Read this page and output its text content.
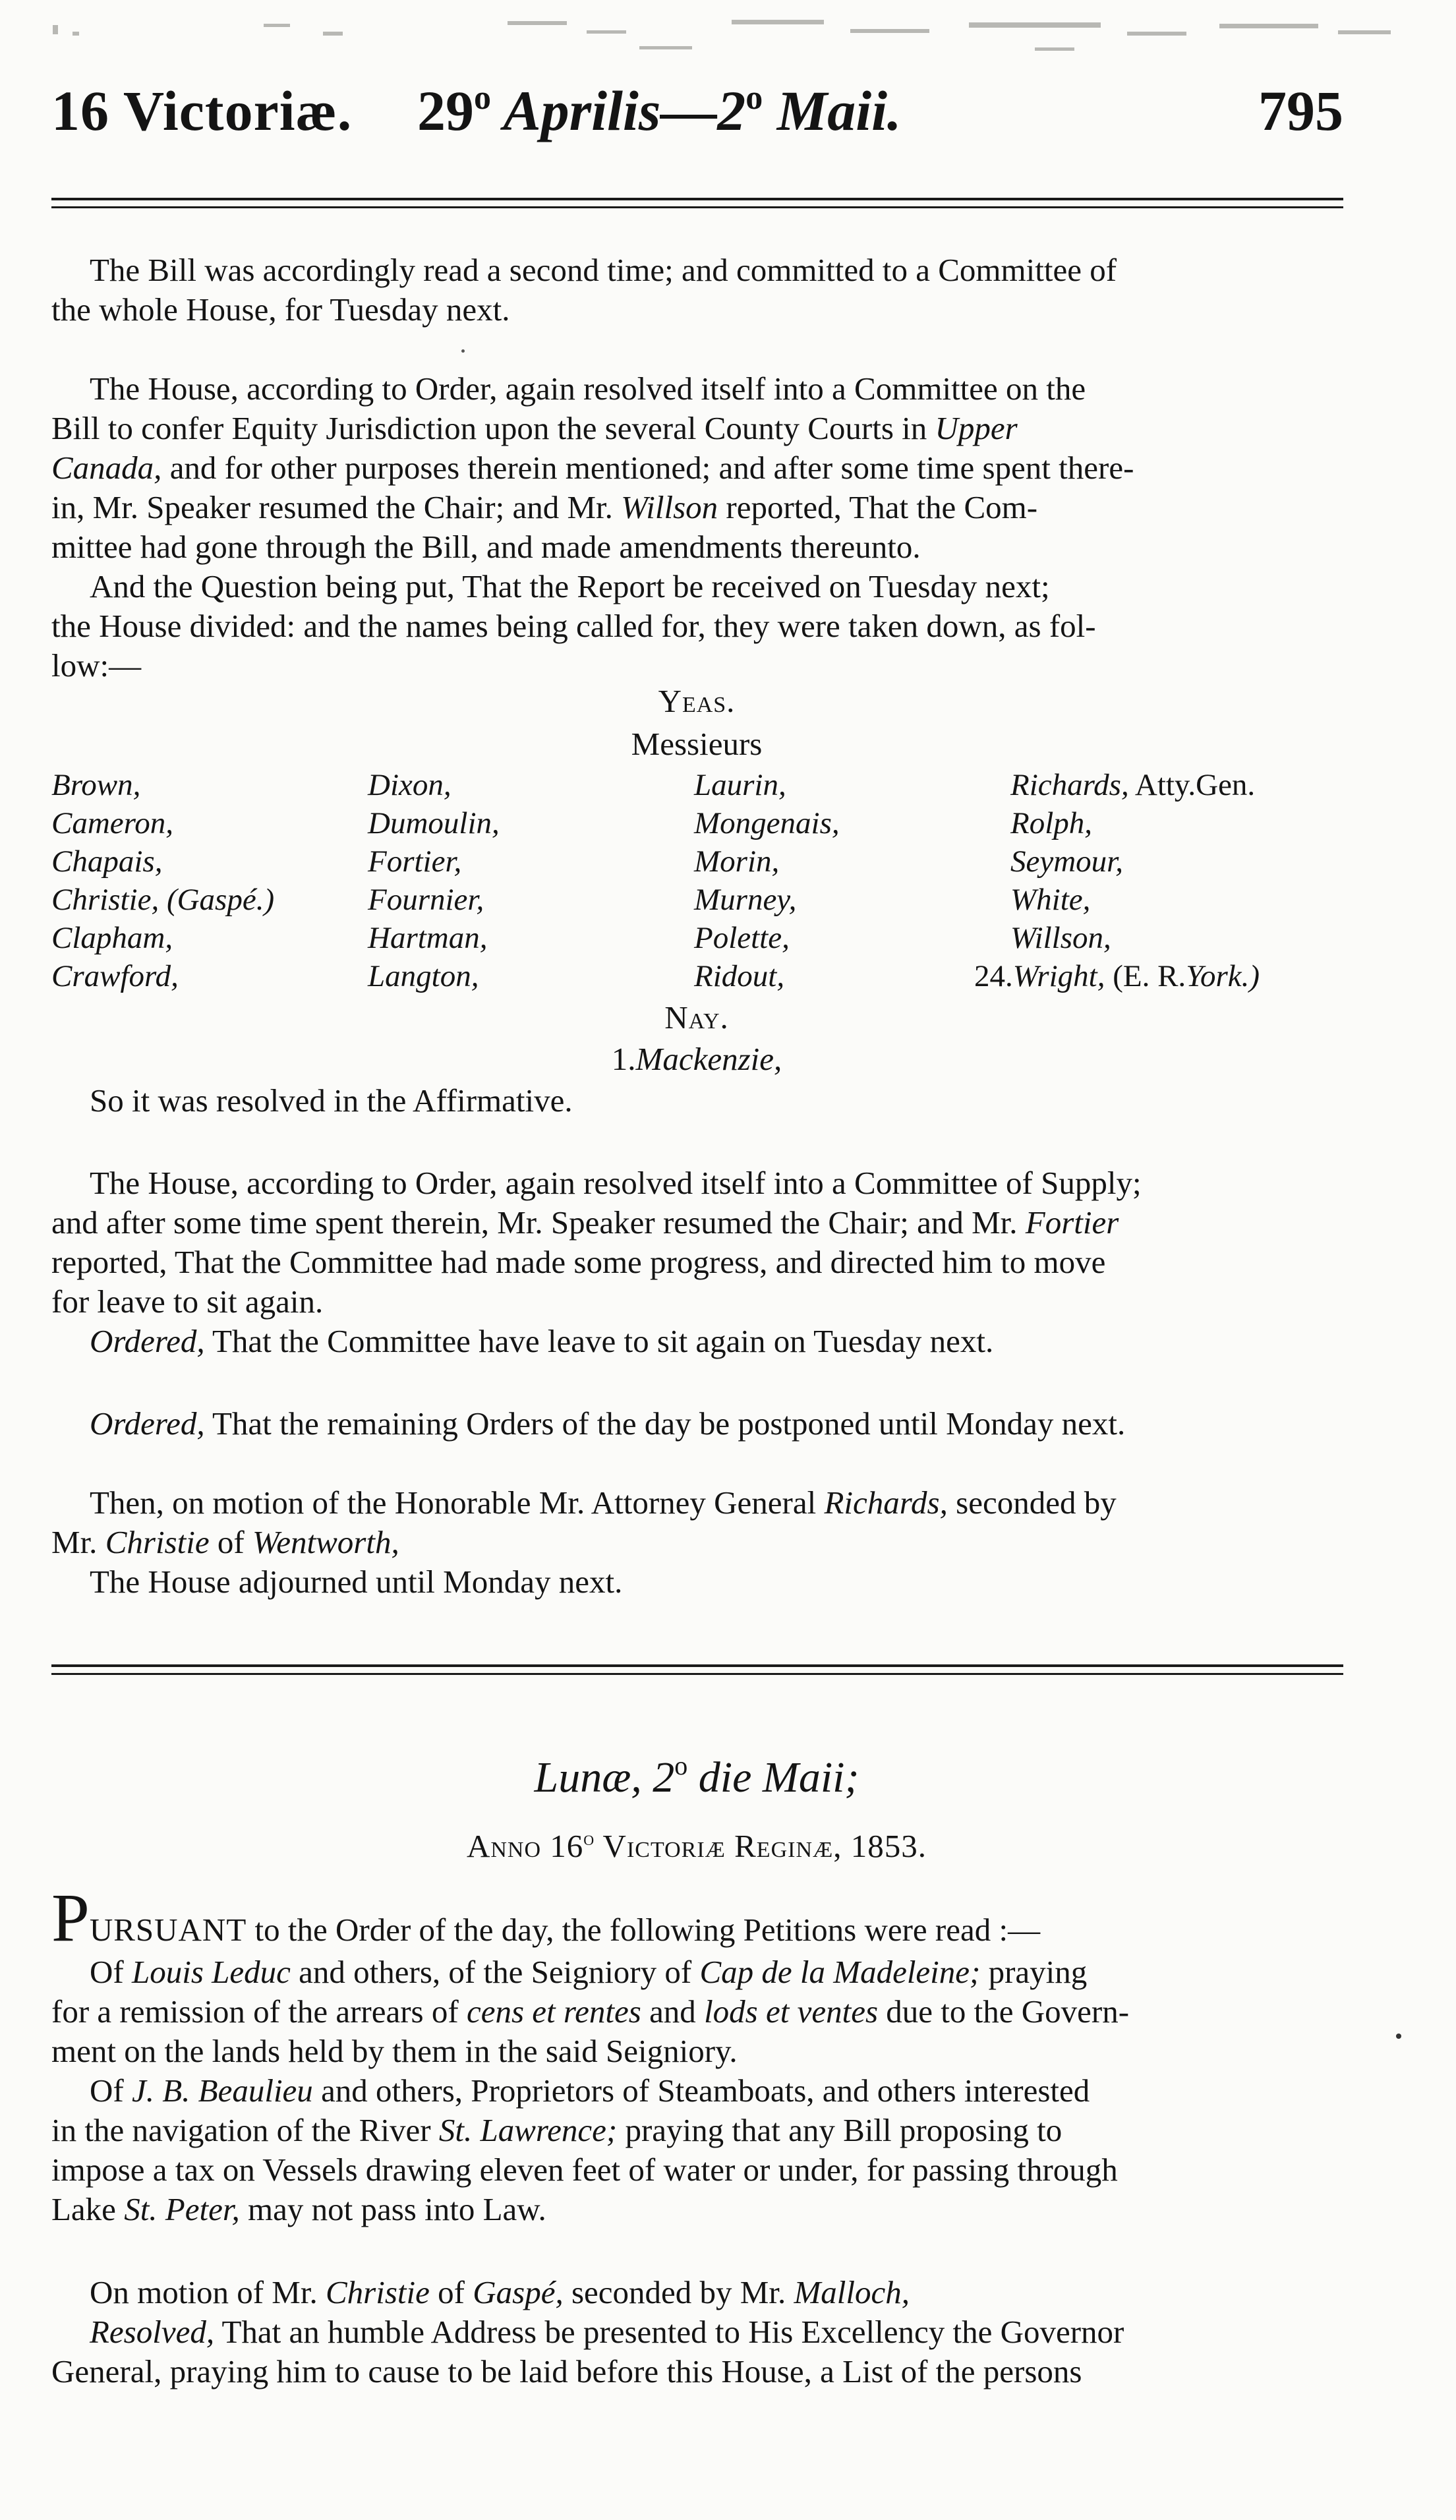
16 Victoriæ. 29$^o$ Aprilis—2$^o$ Maii.	795
The Bill was accordingly read a second time; and committed to a Committee of
the whole House, for Tuesday next.
The House, according to Order, again resolved itself into a Committee on the
Bill to confer Equity Jurisdiction upon the several County Courts in Upper
Canada, and for other purposes therein mentioned; and after some time spent there-
in, Mr. Speaker resumed the Chair; and Mr. Willson reported, That the Com-
mittee had gone through the Bill, and made amendments thereunto.
And the Question being put, That the Report be received on Tuesday next;
the House divided: and the names being called for, they were taken down, as fol-
low:—
Yeas.
Messieurs
Brown,
Cameron,
Chapais,
Christie, (Gaspé.)
Clapham,
Crawford,
Dixon,
Dumoulin,
Fortier,
Fournier,
Hartman,
Langton,
Laurin,
Mongenais,
Morin,
Murney,
Polette,
Ridout,
Richards, Atty.Gen.
Rolph,
Seymour,
White,
Willson,
24.Wright, (E. R.York.)
Nay.
1.Mackenzie,
So it was resolved in the Affirmative.
The House, according to Order, again resolved itself into a Committee of Supply;
and after some time spent therein, Mr. Speaker resumed the Chair; and Mr. Fortier
reported, That the Committee had made some progress, and directed him to move
for leave to sit again.
Ordered, That the Committee have leave to sit again on Tuesday next.
Ordered, That the remaining Orders of the day be postponed until Monday next.
Then, on motion of the Honorable Mr. Attorney General Richards, seconded by
Mr. Christie of Wentworth,
The House adjourned until Monday next.
Lunæ, 2$^o$ die Maii;
Anno 16$^o$ Victoriæ Reginæ, 1853.
PURSUANT to the Order of the day, the following Petitions were read :—
Of Louis Leduc and others, of the Seigniory of Cap de la Madeleine; praying
for a remission of the arrears of cens et rentes and lods et ventes due to the Govern-
ment on the lands held by them in the said Seigniory.
Of J. B. Beaulieu and others, Proprietors of Steamboats, and others interested
in the navigation of the River St. Lawrence; praying that any Bill proposing to
impose a tax on Vessels drawing eleven feet of water or under, for passing through
Lake St. Peter, may not pass into Law.
On motion of Mr. Christie of Gaspé, seconded by Mr. Malloch,
Resolved, That an humble Address be presented to His Excellency the Governor
General, praying him to cause to be laid before this House, a List of the persons
